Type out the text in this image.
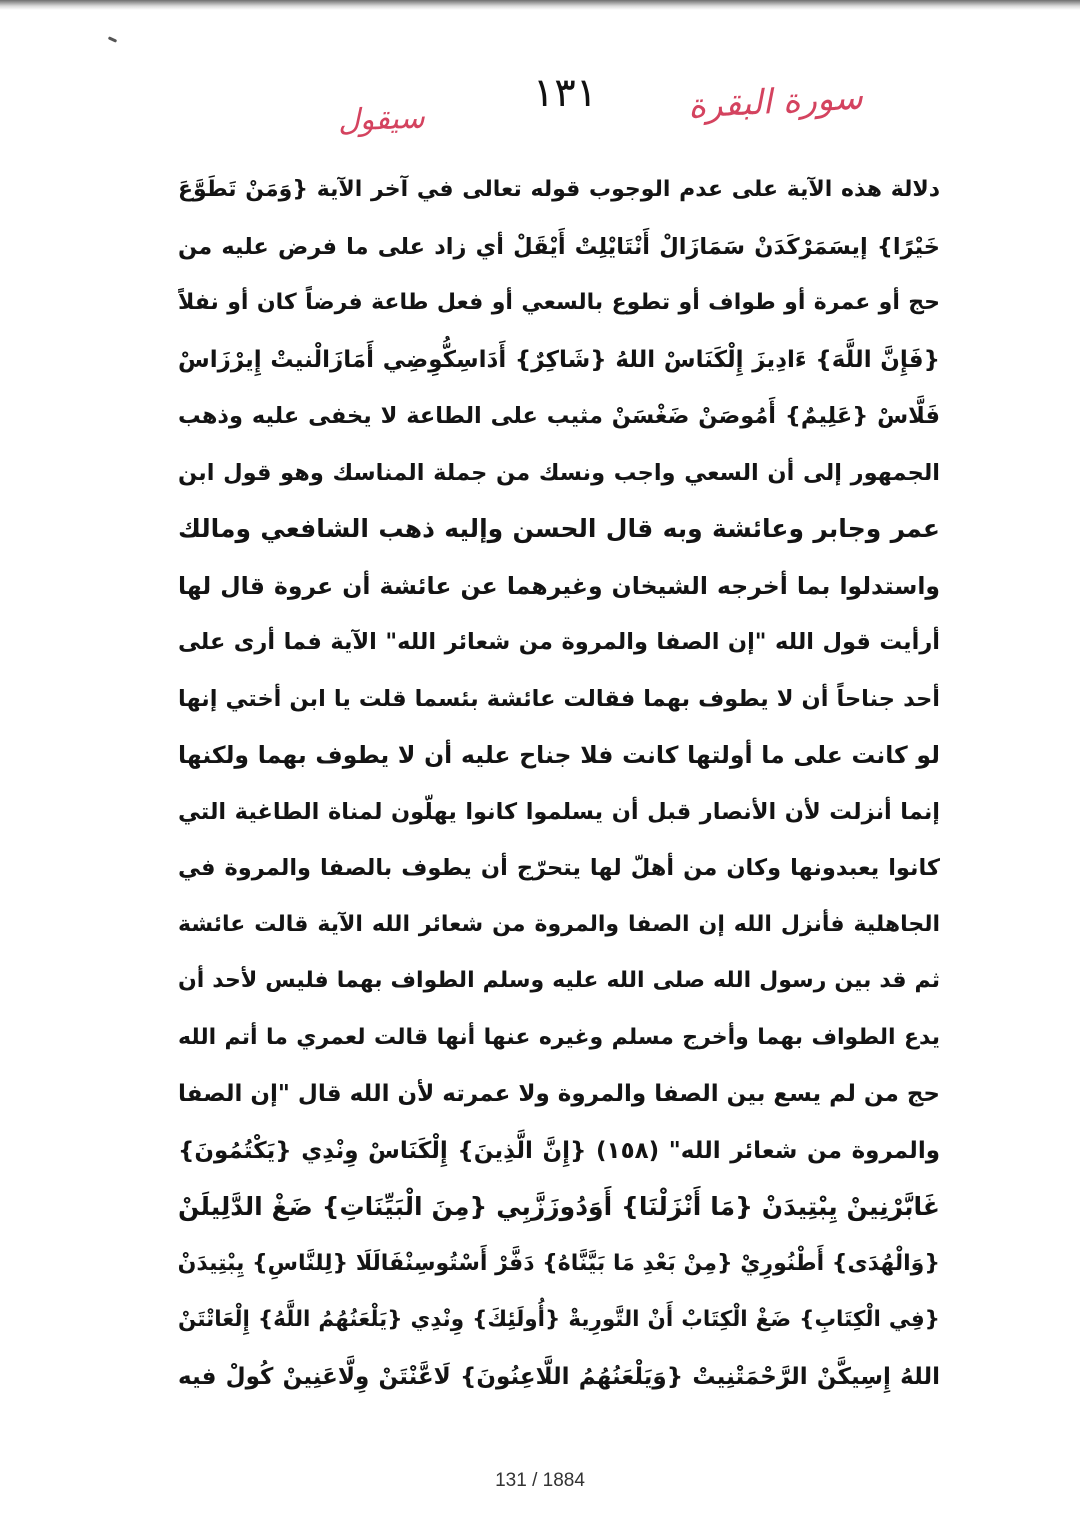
١٣١	سورة البقرة
سيقول
دلالة هذه الآية على عدم الوجوب قوله تعالى في آخر الآية {وَمَنْ تَطَوَّعَ
خَيْرًا} إيسَمَرْكَدَنْ سَمَازَالْ أَنْتَايْلِتْ أَيْقَلْ أي زاد على ما فرض عليه من
حج أو عمرة أو طواف أو تطوع بالسعي أو فعل طاعة فرضاً كان أو نفلاً
{فَإِنَّ اللَّهَ} ءَادِيزَ إِلْكَنَاسْ اللهُ {شَاكِرٌ} أَدَاسِكُّوِضِي أَمَازَالْنيتْ إِيرْزَاسْ
فَلَّاسْ {عَلِيمٌ} أَمُوصَنْ ضَغْسَنْ مثيب على الطاعة لا يخفى عليه وذهب
الجمهور إلى أن السعي واجب ونسك من جملة المناسك وهو قول ابن
عمر وجابر وعائشة وبه قال الحسن وإليه ذهب الشافعي ومالك
واستدلوا بما أخرجه الشيخان وغيرهما عن عائشة أن عروة قال لها
أرأيت قول الله "إن الصفا والمروة من شعائر الله" الآية فما أرى على
أحد جناحاً أن لا يطوف بهما فقالت عائشة بئسما قلت يا ابن أختي إنها
لو كانت على ما أولتها كانت فلا جناح عليه أن لا يطوف بهما ولكنها
إنما أنزلت لأن الأنصار قبل أن يسلموا كانوا يهلّون لمناة الطاغية التي
كانوا يعبدونها وكان من أهلّ لها يتحرّج أن يطوف بالصفا والمروة في
الجاهلية فأنزل الله إن الصفا والمروة من شعائر الله الآية قالت عائشة
ثم قد بين رسول الله صلى الله عليه وسلم الطواف بهما فليس لأحد أن
يدع الطواف بهما وأخرج مسلم وغيره عنها أنها قالت لعمري ما أتم الله
حج من لم يسع بين الصفا والمروة ولا عمرته لأن الله قال "إن الصفا
والمروة من شعائر الله" (١٥٨) {إِنَّ الَّذِينَ} إِلْكَنَاسْ وِنْدِي {يَكْتُمُونَ}
غَابَّرْنِينْ يِبْتِيدَنْ {مَا أَنْزَلْنَا} أَوَدُوزَزَّبِي {مِنَ الْبَيِّنَاتِ} ضَغْ الدَّلِيلَنْ
{وَالْهُدَى} أَطْنُورِيْ {مِنْ بَعْدِ مَا بَيَّنَّاهُ} دَفَّرْ أَسْتُوسِنْفَالَلَا {لِلنَّاسِ} يِبْتِيدَنْ
{فِي الْكِتَابِ} ضَغْ الْكِتَابْ أَنْ التَّورِيةْ {أُولَئِكَ} وِنْدِي {يَلْعَنُهُمُ اللَّهُ} إِلْعَاتْتَنْ
اللهُ إِسِيكَّنْ الرَّحْمَتْنِيتْ {وَيَلْعَنُهُمُ اللَّاعِنُونَ} لَاعَّنْتَنْ وِلَّاعَنِينْ كُولْ فيه
131 / 1884
